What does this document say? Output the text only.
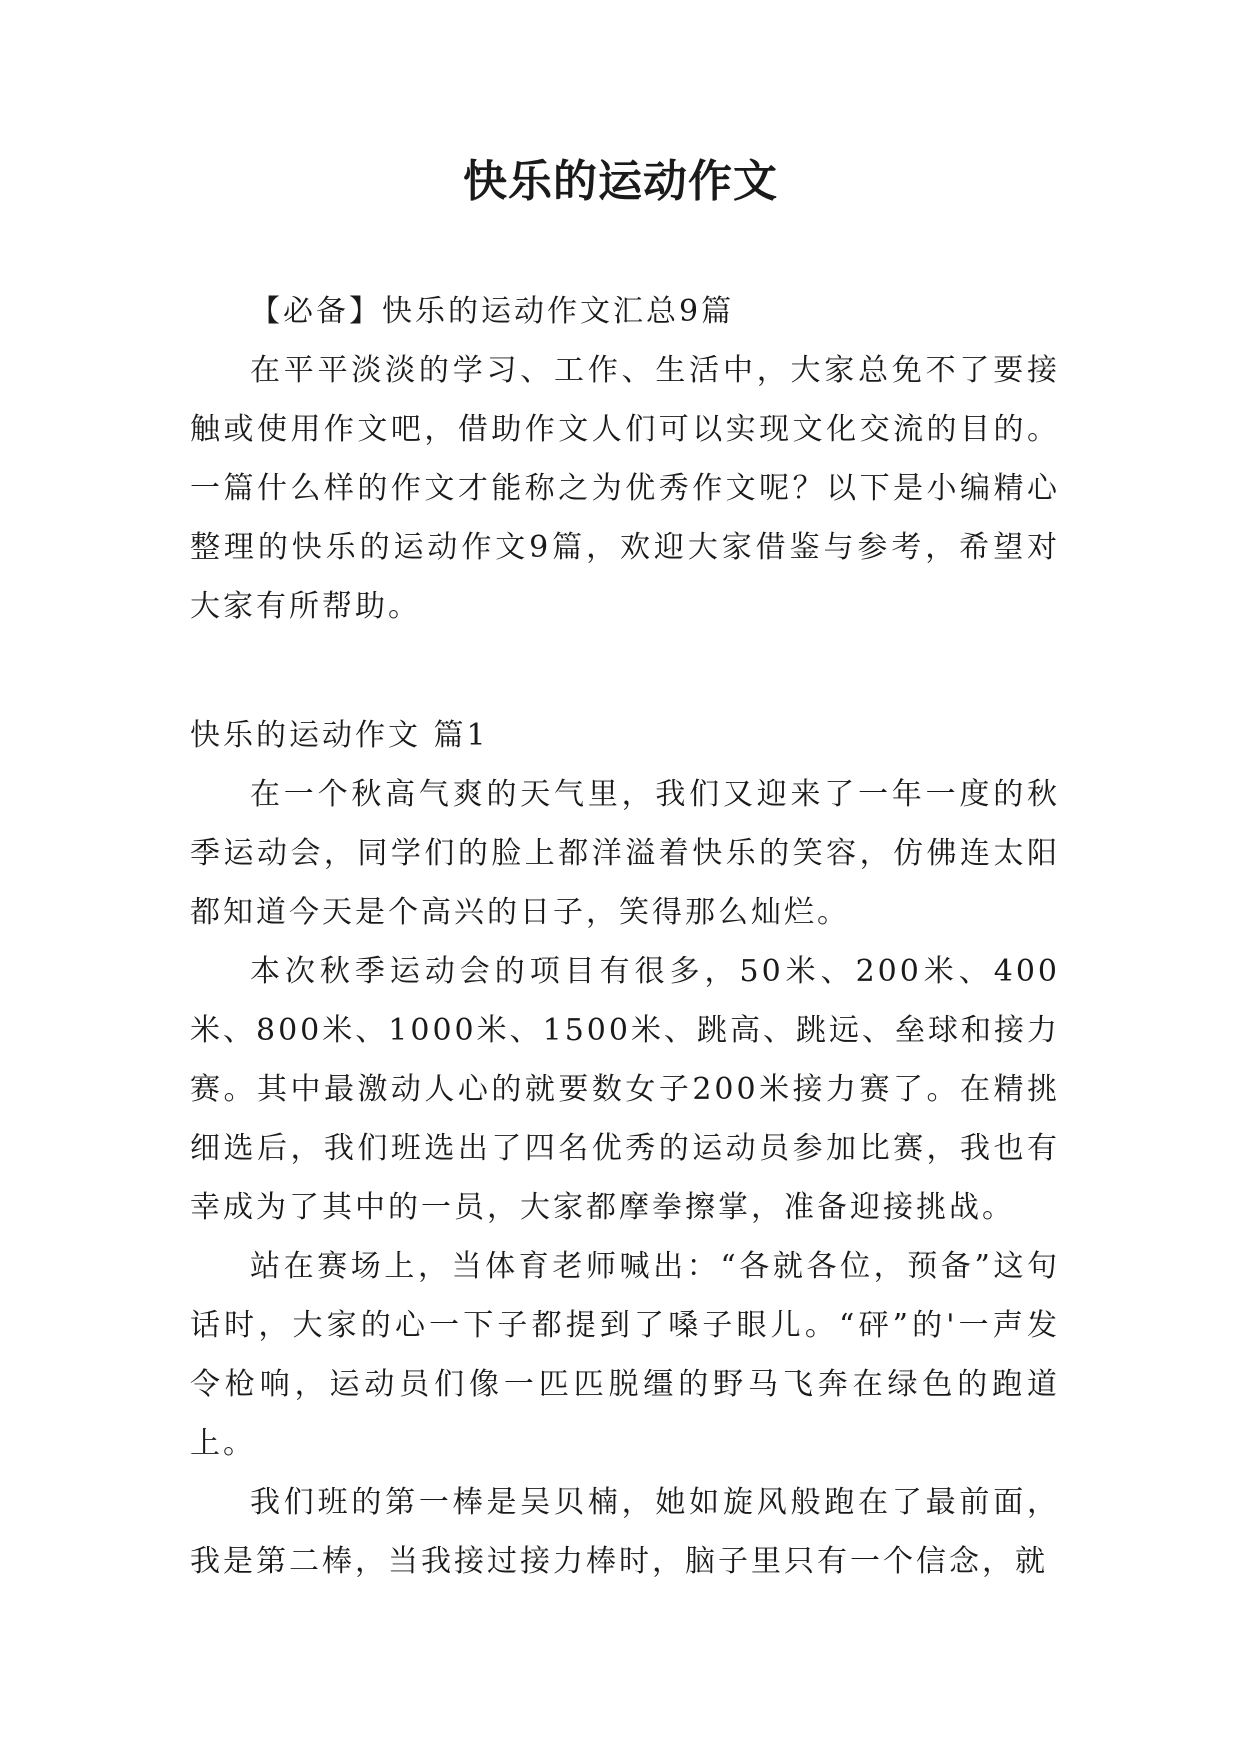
快乐的运动作文

【必备】快乐的运动作文汇总9篇

在平平淡淡的学习、工作、生活中，大家总免不了要接触或使用作文吧，借助作文人们可以实现文化交流的目的。一篇什么样的作文才能称之为优秀作文呢？以下是小编精心整理的快乐的运动作文9篇，欢迎大家借鉴与参考，希望对大家有所帮助。

快乐的运动作文 篇1

在一个秋高气爽的天气里，我们又迎来了一年一度的秋季运动会，同学们的脸上都洋溢着快乐的笑容，仿佛连太阳都知道今天是个高兴的日子，笑得那么灿烂。

本次秋季运动会的项目有很多，50米、200米、400米、800米、1000米、1500米、跳高、跳远、垒球和接力赛。其中最激动人心的就要数女子200米接力赛了。在精挑细选后，我们班选出了四名优秀的运动员参加比赛，我也有幸成为了其中的一员，大家都摩拳擦掌，准备迎接挑战。

站在赛场上，当体育老师喊出：“各就各位，预备”这句话时，大家的心一下子都提到了嗓子眼儿。“砰”的'一声发令枪响，运动员们像一匹匹脱缰的野马飞奔在绿色的跑道上。

我们班的第一棒是吴贝楠，她如旋风般跑在了最前面，我是第二棒，当我接过接力棒时，脑子里只有一个信念，就
